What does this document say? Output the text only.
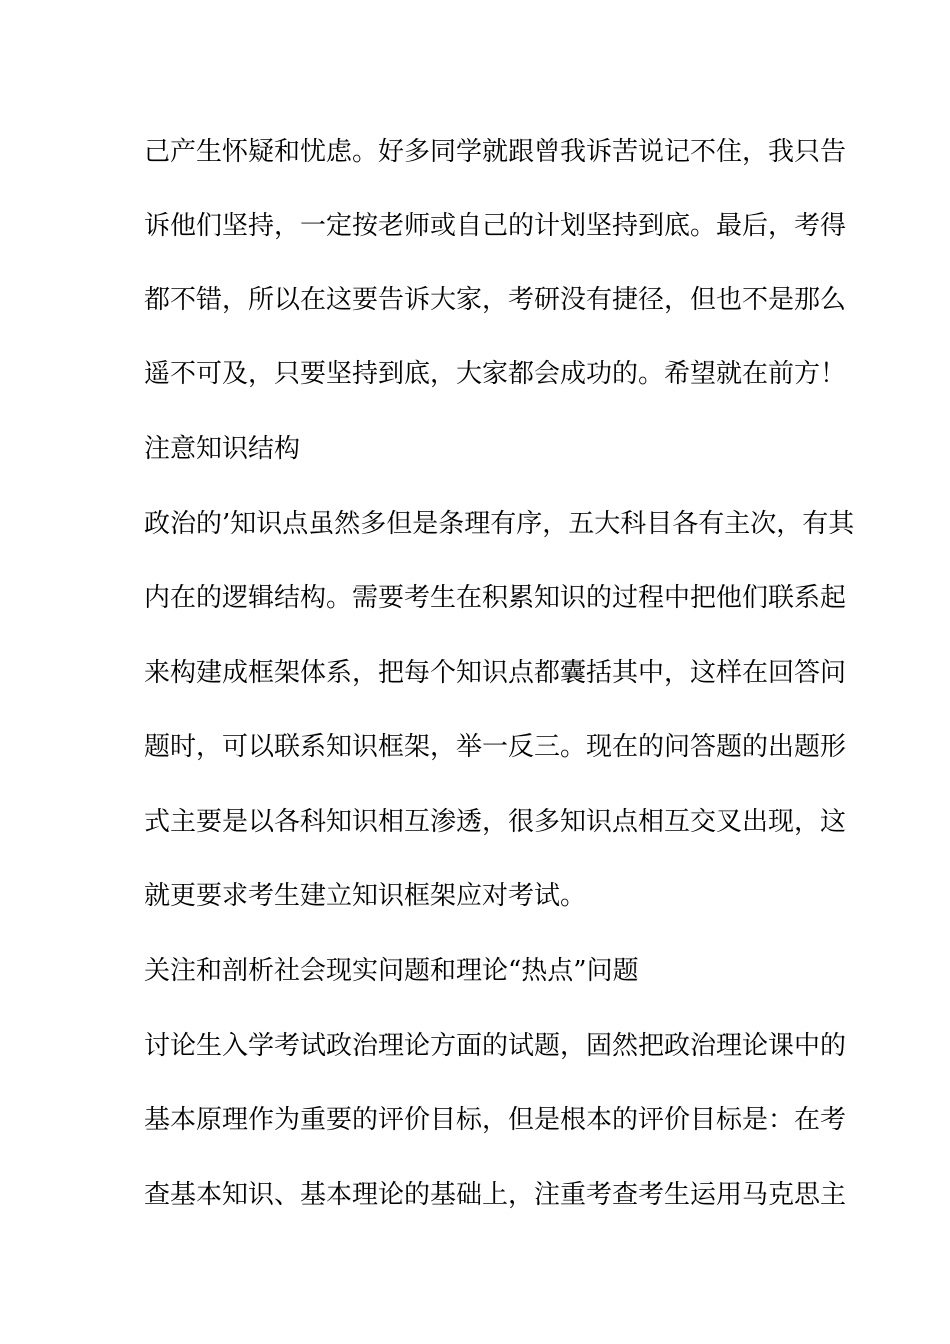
己产生怀疑和忧虑。好多同学就跟曾我诉苦说记不住，我只告
诉他们坚持，一定按老师或自己的计划坚持到底。最后，考得
都不错，所以在这要告诉大家，考研没有捷径，但也不是那么
遥不可及，只要坚持到底，大家都会成功的。希望就在前方！
注意知识结构
政治的’知识点虽然多但是条理有序，五大科目各有主次，有其
内在的逻辑结构。需要考生在积累知识的过程中把他们联系起
来构建成框架体系，把每个知识点都囊括其中，这样在回答问
题时，可以联系知识框架，举一反三。现在的问答题的出题形
式主要是以各科知识相互渗透，很多知识点相互交叉出现，这
就更要求考生建立知识框架应对考试。
关注和剖析社会现实问题和理论“热点”问题
讨论生入学考试政治理论方面的试题，固然把政治理论课中的
基本原理作为重要的评价目标，但是根本的评价目标是：在考
查基本知识、基本理论的基础上，注重考查考生运用马克思主
